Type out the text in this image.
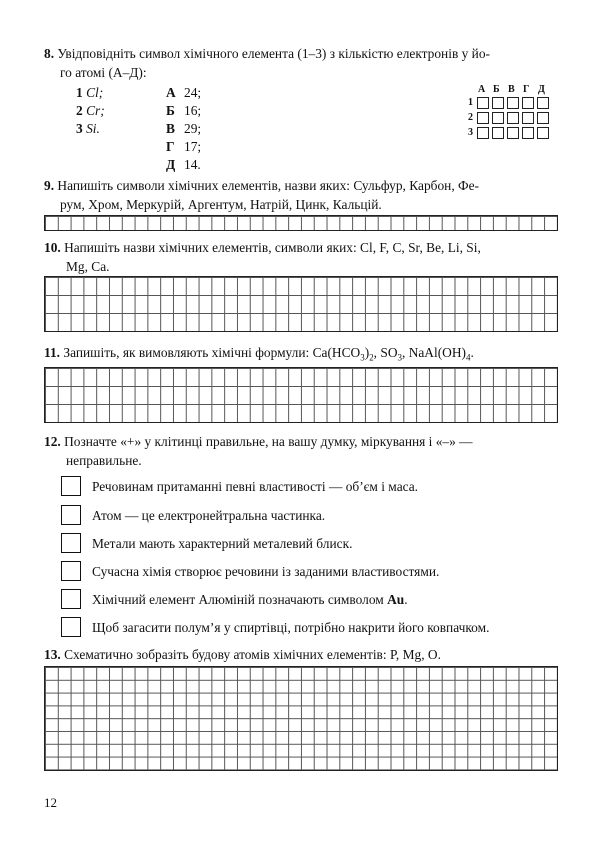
8. Увідповідніть символ хімічного елемента (1–3) з кількістю електронів у йо-
го атомі (А–Д):
1 Cl;
2 Cr;
3 Si.
А 24;
Б 16;
В 29;
Г 17;
Д 14.
А Б В Г Д
1
2
3
9. Напишіть символи хімічних елементів, назви яких: Сульфур, Карбон, Фе-
рум, Хром, Меркурій, Аргентум, Натрій, Цинк, Кальцій.
10. Напишіть назви хімічних елементів, символи яких: Cl, F, C, Sr, Be, Li, Si,
Mg, Ca.
11. Запишіть, як вимовляють хімічні формули: $Ca(HCO_3)_2$, $SO_3$, $NaAl(OH)_4$.
12. Позначте «+» у клітинці правильне, на вашу думку, міркування і «–» —
неправильне.
Речовинам притаманні певні властивості — об’єм і маса.
Атом — це електронейтральна частинка.
Метали мають характерний металевий блиск.
Сучасна хімія створює речовини із заданими властивостями.
Хімічний елемент Алюміній позначають символом Au.
Щоб загасити полум’я у спиртівці, потрібно накрити його ковпачком.
13. Схематично зобразіть будову атомів хімічних елементів: P, Mg, O.
12
